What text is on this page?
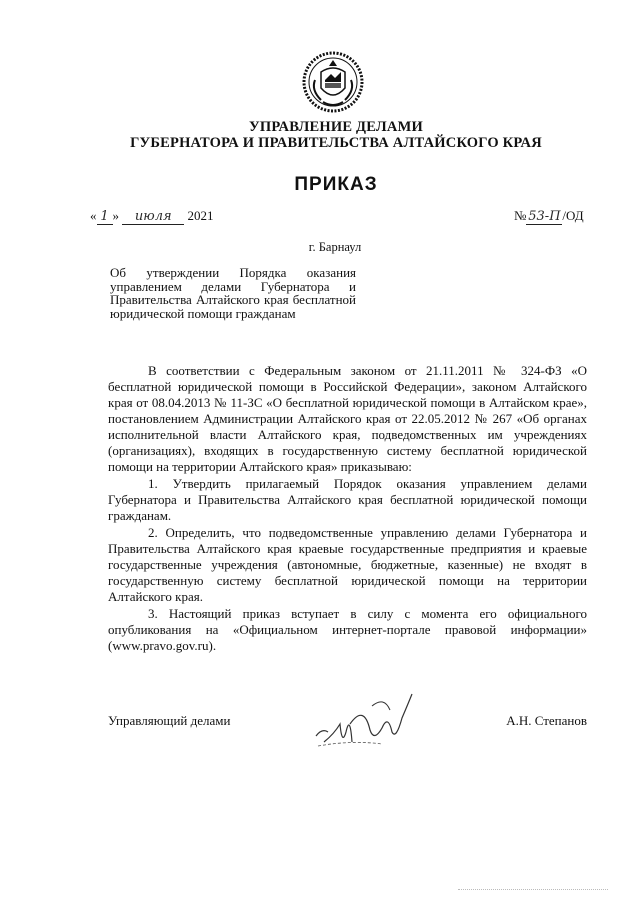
УПРАВЛЕНИЕ ДЕЛАМИ
ГУБЕРНАТОРА И ПРАВИТЕЛЬСТВА АЛТАЙСКОГО КРАЯ
ПРИКАЗ
« 1 » июля 2021	№ 53-П /ОД
г. Барнаул
Об утверждении Порядка оказания управлением делами Губернатора и Правительства Алтайского края бесплатной юридической помощи гражданам

В соответствии с Федеральным законом от 21.11.2011 № 324-ФЗ «О бесплатной юридической помощи в Российской Федерации», законом Алтайского края от 08.04.2013 № 11-ЗС «О бесплатной юридической помощи в Алтайском крае», постановлением Администрации Алтайского края от 22.05.2012 № 267 «Об органах исполнительной власти Алтайского края, подведомственных им учреждениях (организациях), входящих в государственную систему бесплатной юридической помощи на территории Алтайского края» приказываю:

1. Утвердить прилагаемый Порядок оказания управлением делами Губернатора и Правительства Алтайского края бесплатной юридической помощи гражданам.

2. Определить, что подведомственные управлению делами Губернатора и Правительства Алтайского края краевые государственные предприятия и краевые государственные учреждения (автономные, бюджетные, казенные) не входят в государственную систему бесплатной юридической помощи на территории Алтайского края.

3. Настоящий приказ вступает в силу с момента его официального опубликования на «Официальном интернет-портале правовой информации» (www.pravo.gov.ru).

Управляющий делами	А.Н. Степанов
